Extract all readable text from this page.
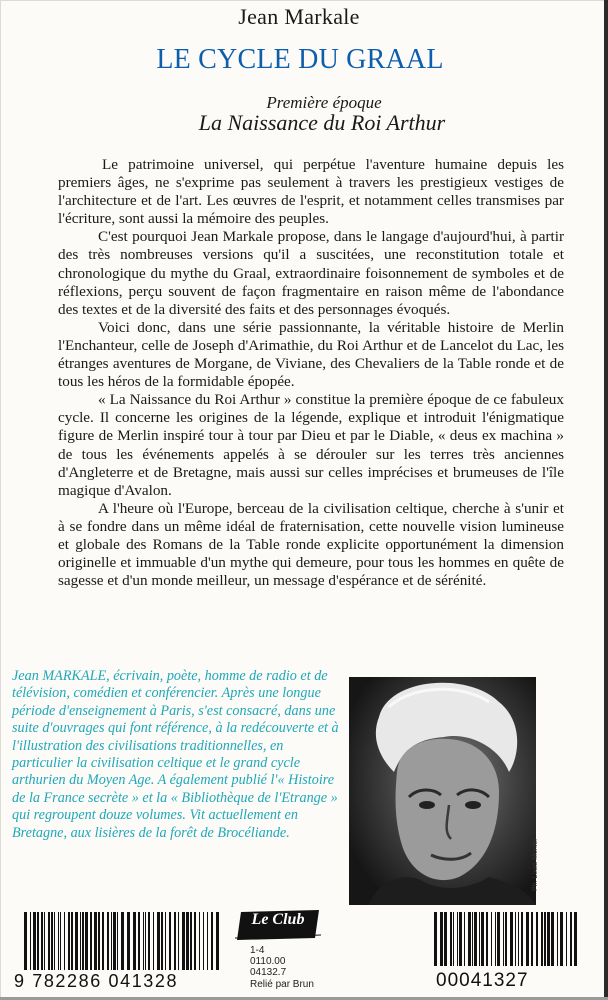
Jean Markale
LE CYCLE DU GRAAL
Première époque
La Naissance du Roi Arthur

Le patrimoine universel, qui perpétue l'aventure humaine depuis les premiers âges, ne s'exprime pas seulement à travers les prestigieux vestiges de l'architecture et de l'art. Les œuvres de l'esprit, et notamment celles transmises par l'écriture, sont aussi la mémoire des peuples.

C'est pourquoi Jean Markale propose, dans le langage d'aujourd'hui, à partir des très nombreuses versions qu'il a suscitées, une reconstitution totale et chronologique du mythe du Graal, extraordinaire foisonnement de symboles et de réflexions, perçu souvent de façon fragmentaire en raison même de l'abondance des textes et de la diversité des faits et des personnages évoqués.

Voici donc, dans une série passionnante, la véritable histoire de Merlin l'Enchanteur, celle de Joseph d'Arimathie, du Roi Arthur et de Lancelot du Lac, les étranges aventures de Morgane, de Viviane, des Chevaliers de la Table ronde et de tous les héros de la formidable épopée.

« La Naissance du Roi Arthur » constitue la première époque de ce fabuleux cycle. Il concerne les origines de la légende, explique et introduit l'énigmatique figure de Merlin inspiré tour à tour par Dieu et par le Diable, « deus ex machina » de tous les événements appelés à se dérouler sur les terres très anciennes d'Angleterre et de Bretagne, mais aussi sur celles imprécises et brumeuses de l'île magique d'Avalon.

A l'heure où l'Europe, berceau de la civilisation celtique, cherche à s'unir et à se fondre dans un même idéal de fraternisation, cette nouvelle vision lumineuse et globale des Romans de la Table ronde explicite opportunément la dimension originelle et immuable d'un mythe qui demeure, pour tous les hommes en quête de sagesse et d'un monde meilleur, un message d'espérance et de sérénité.

Jean MARKALE, écrivain, poète, homme de radio et de télévision, comédien et conférencier. Après une longue période d'enseignement à Paris, s'est consacré, dans une suite d'ouvrages qui font référence, à la redécouverte et à l'illustration des civilisations traditionnelles, en particulier la civilisation celtique et le grand cycle arthurien du Moyen Age. A également publié l'« Histoire de la France secrète » et la « Bibliothèque de l'Etrange » qui regroupent douze volumes. Vit actuellement en Bretagne, aux lisières de la forêt de Brocéliande.

Ph. Louis Monier
Le Club
1-4
0110.00
04132.7
Relié par Brun
9 782286 041328	00041327
